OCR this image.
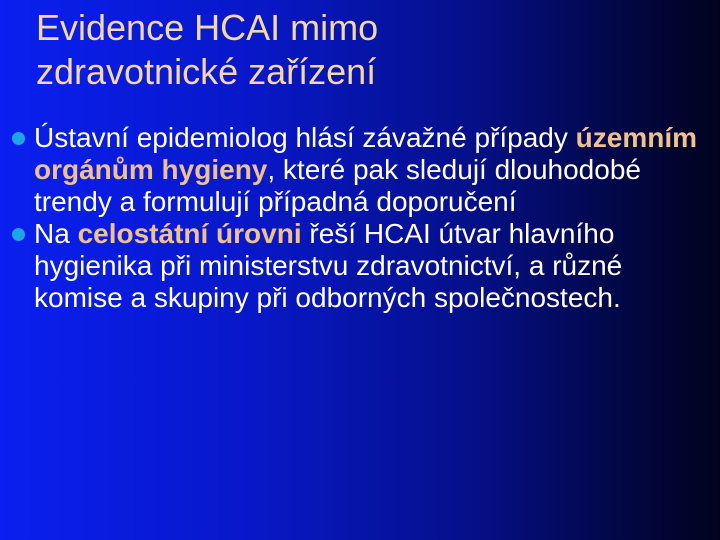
Evidence HCAI mimo
zdravotnické zařízení
Ústavní epidemiolog hlásí závažné případy územním orgánům hygieny, které pak sledují dlouhodobé trendy a formulují případná doporučení
Na celostátní úrovni řeší HCAI útvar hlavního hygienika při ministerstvu zdravotnictví, a různé komise a skupiny při odborných společnostech.
